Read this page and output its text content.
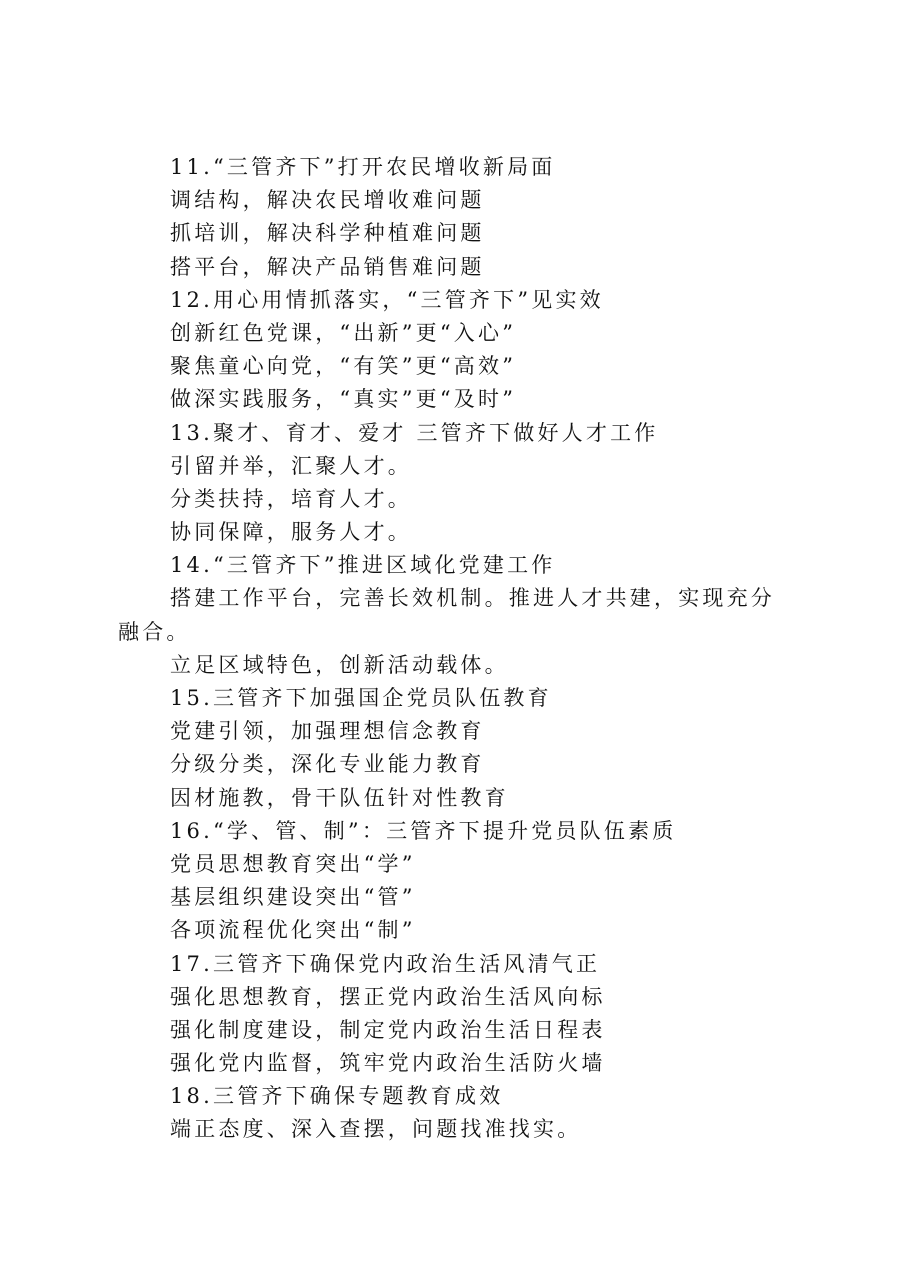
11.“三管齐下”打开农民增收新局面
调结构，解决农民增收难问题
抓培训，解决科学种植难问题
搭平台，解决产品销售难问题
12.用心用情抓落实，“三管齐下”见实效
创新红色党课，“出新”更“入心”
聚焦童心向党，“有笑”更“高效”
做深实践服务，“真实”更“及时”
13.聚才、育才、爱才 三管齐下做好人才工作
引留并举，汇聚人才。
分类扶持，培育人才。
协同保障，服务人才。
14.“三管齐下”推进区域化党建工作
搭建工作平台，完善长效机制。推进人才共建，实现充分
融合。
立足区域特色，创新活动载体。
15.三管齐下加强国企党员队伍教育
党建引领，加强理想信念教育
分级分类，深化专业能力教育
因材施教，骨干队伍针对性教育
16.“学、管、制”：三管齐下提升党员队伍素质
党员思想教育突出“学”
基层组织建设突出“管”
各项流程优化突出“制”
17.三管齐下确保党内政治生活风清气正
强化思想教育，摆正党内政治生活风向标
强化制度建设，制定党内政治生活日程表
强化党内监督，筑牢党内政治生活防火墙
18.三管齐下确保专题教育成效
端正态度、深入查摆，问题找准找实。
